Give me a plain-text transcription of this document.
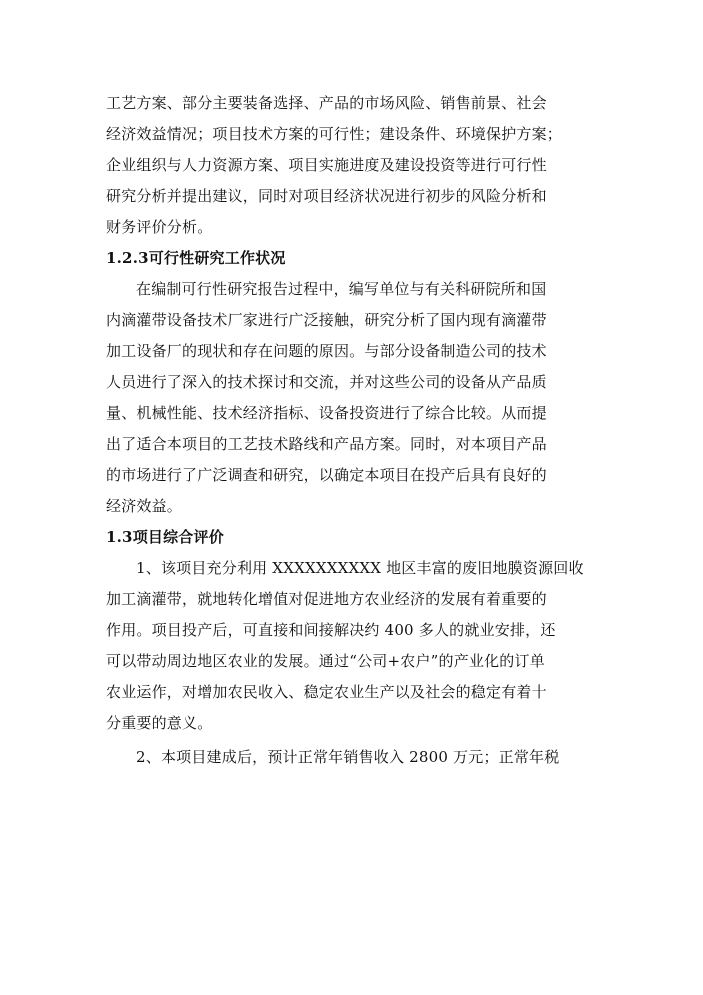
工艺方案、部分主要装备选择、产品的市场风险、销售前景、社会
经济效益情况；项目技术方案的可行性；建设条件、环境保护方案；
企业组织与人力资源方案、项目实施进度及建设投资等进行可行性
研究分析并提出建议，同时对项目经济状况进行初步的风险分析和
财务评价分析。
1.2.3可行性研究工作状况
在编制可行性研究报告过程中，编写单位与有关科研院所和国
内滴灌带设备技术厂家进行广泛接触，研究分析了国内现有滴灌带
加工设备厂的现状和存在问题的原因。与部分设备制造公司的技术
人员进行了深入的技术探讨和交流，并对这些公司的设备从产品质
量、机械性能、技术经济指标、设备投资进行了综合比较。从而提
出了适合本项目的工艺技术路线和产品方案。同时，对本项目产品
的市场进行了广泛调查和研究，以确定本项目在投产后具有良好的
经济效益。
1.3项目综合评价
1、该项目充分利用 XXXXXXXXXX 地区丰富的废旧地膜资源回收
加工滴灌带，就地转化增值对促进地方农业经济的发展有着重要的
作用。项目投产后，可直接和间接解决约 400 多人的就业安排，还
可以带动周边地区农业的发展。通过“公司+农户”的产业化的订单
农业运作，对增加农民收入、稳定农业生产以及社会的稳定有着十
分重要的意义。
2、本项目建成后，预计正常年销售收入 2800 万元；正常年税
